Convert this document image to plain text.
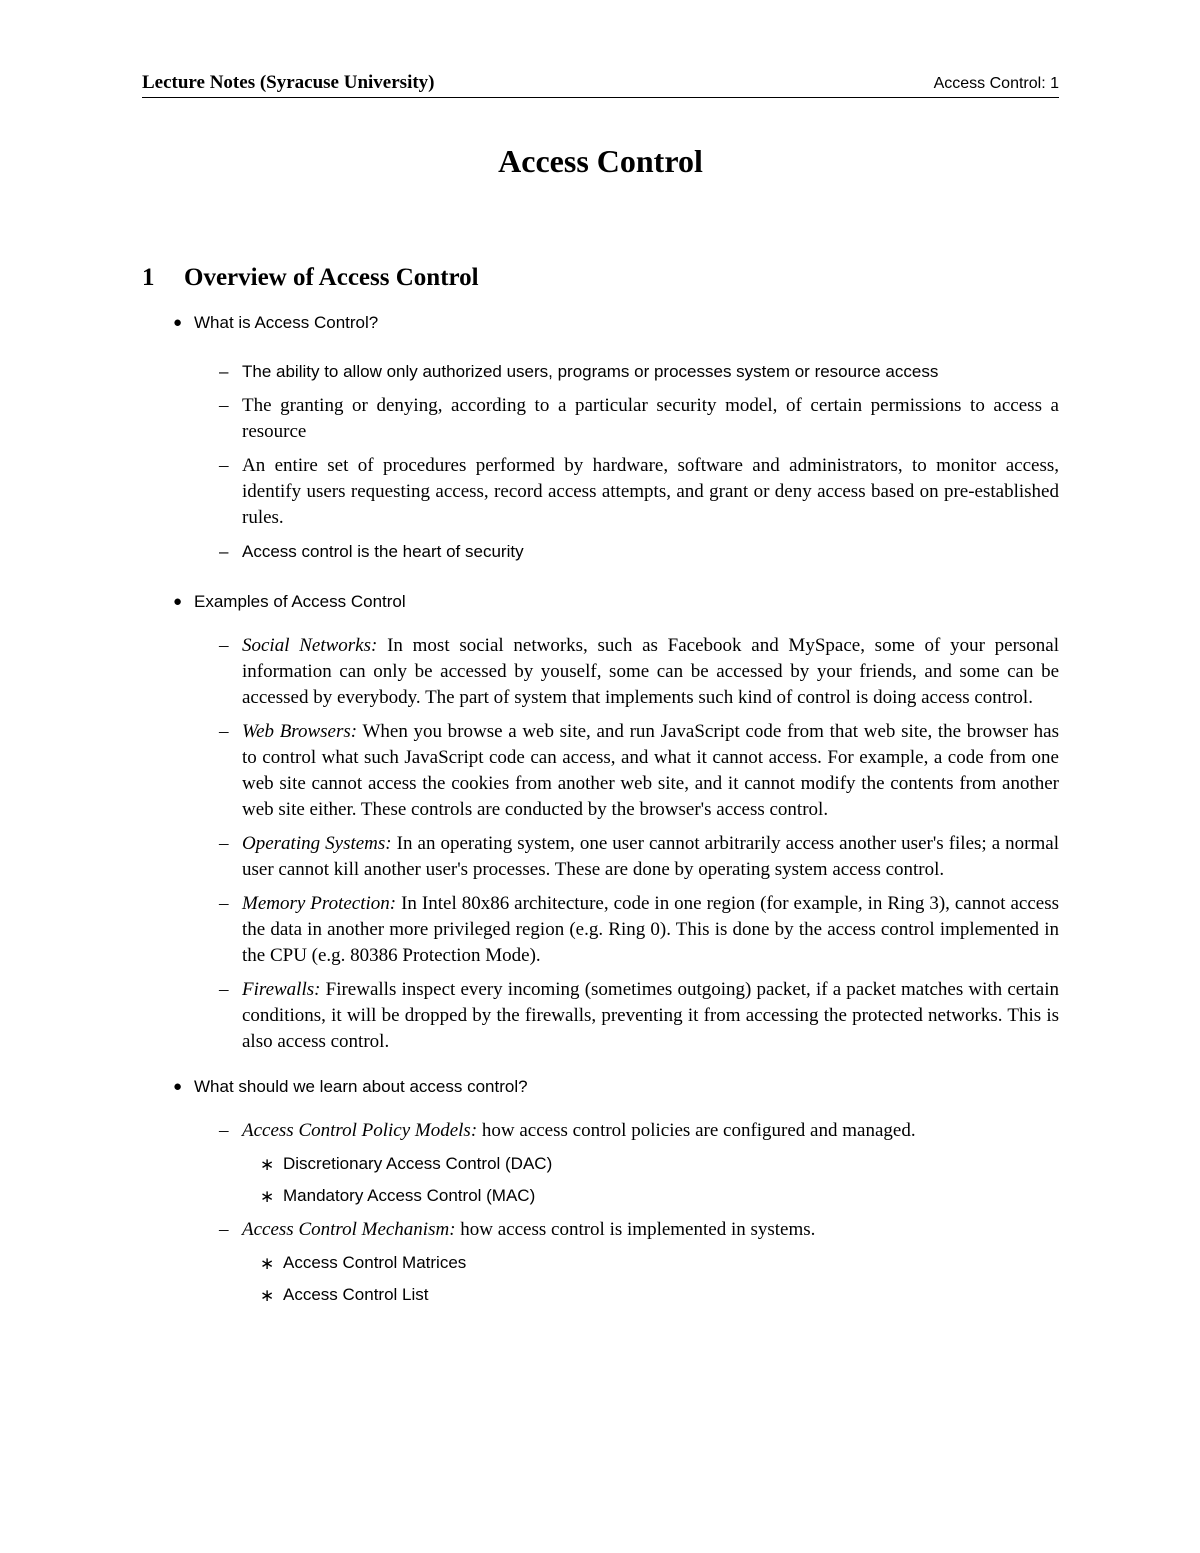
Lecture Notes (Syracuse University)	Access Control: 1
Access Control
1	Overview of Access Control
● What is Access Control?
– The ability to allow only authorized users, programs or processes system or resource access
– The granting or denying, according to a particular security model, of certain permissions to access a resource
– An entire set of procedures performed by hardware, software and administrators, to monitor access, identify users requesting access, record access attempts, and grant or deny access based on pre-established rules.
– Access control is the heart of security
● Examples of Access Control
– Social Networks: In most social networks, such as Facebook and MySpace, some of your personal information can only be accessed by youself, some can be accessed by your friends, and some can be accessed by everybody. The part of system that implements such kind of control is doing access control.
– Web Browsers: When you browse a web site, and run JavaScript code from that web site, the browser has to control what such JavaScript code can access, and what it cannot access. For example, a code from one web site cannot access the cookies from another web site, and it cannot modify the contents from another web site either. These controls are conducted by the browser's access control.
– Operating Systems: In an operating system, one user cannot arbitrarily access another user's files; a normal user cannot kill another user's processes. These are done by operating system access control.
– Memory Protection: In Intel 80x86 architecture, code in one region (for example, in Ring 3), cannot access the data in another more privileged region (e.g. Ring 0). This is done by the access control implemented in the CPU (e.g. 80386 Protection Mode).
– Firewalls: Firewalls inspect every incoming (sometimes outgoing) packet, if a packet matches with certain conditions, it will be dropped by the firewalls, preventing it from accessing the protected networks. This is also access control.
● What should we learn about access control?
– Access Control Policy Models: how access control policies are configured and managed.
∗ Discretionary Access Control (DAC)
∗ Mandatory Access Control (MAC)
– Access Control Mechanism: how access control is implemented in systems.
∗ Access Control Matrices
∗ Access Control List
